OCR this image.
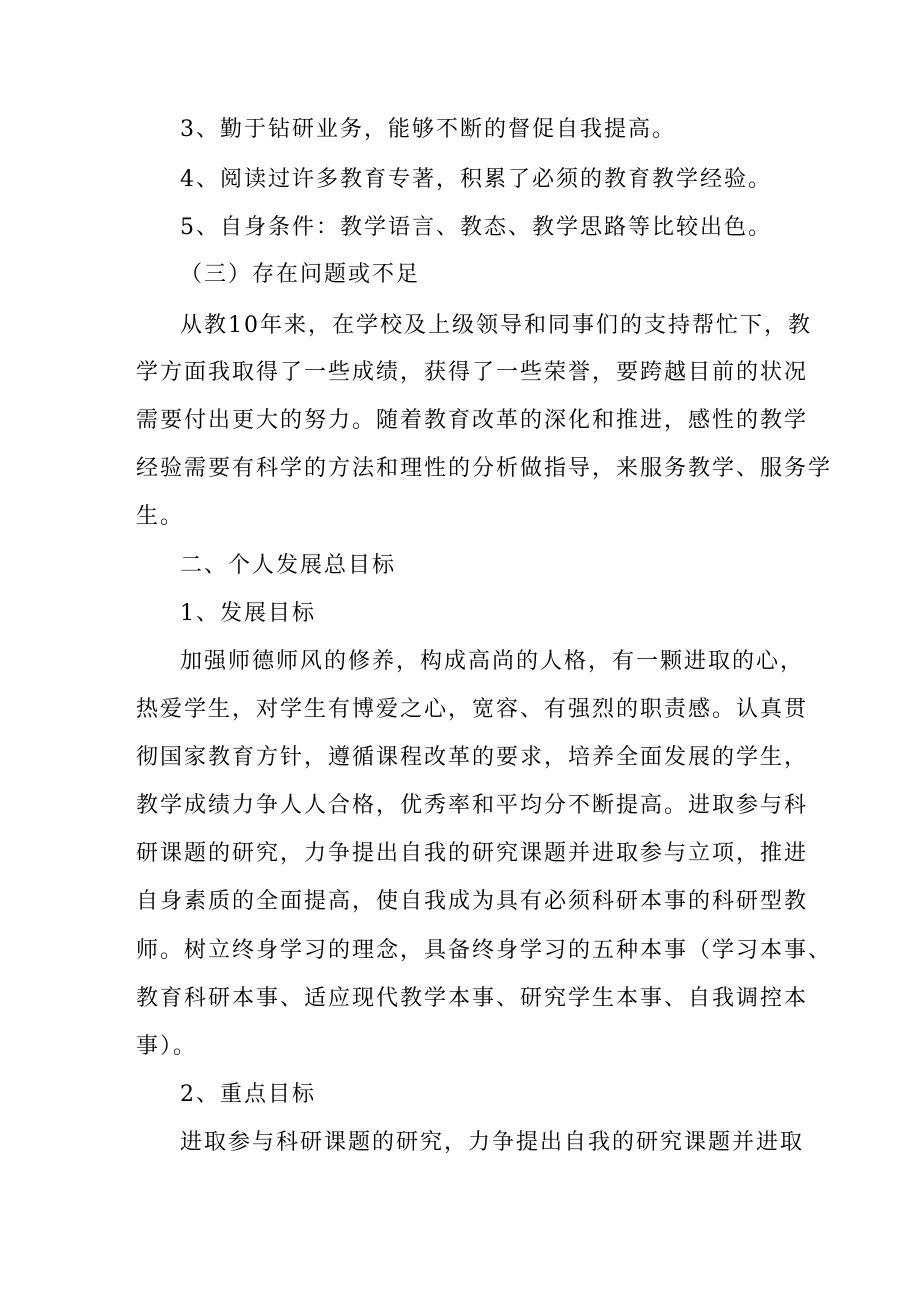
3、勤于钻研业务，能够不断的督促自我提高。
4、阅读过许多教育专著，积累了必须的教育教学经验。
5、自身条件：教学语言、教态、教学思路等比较出色。
（三）存在问题或不足
从教10年来，在学校及上级领导和同事们的支持帮忙下，教
学方面我取得了一些成绩，获得了一些荣誉，要跨越目前的状况
需要付出更大的努力。随着教育改革的深化和推进，感性的教学
经验需要有科学的方法和理性的分析做指导，来服务教学、服务学
生。
二、个人发展总目标
1、发展目标
加强师德师风的修养，构成高尚的人格，有一颗进取的心，
热爱学生，对学生有博爱之心，宽容、有强烈的职责感。认真贯
彻国家教育方针，遵循课程改革的要求，培养全面发展的学生，
教学成绩力争人人合格，优秀率和平均分不断提高。进取参与科
研课题的研究，力争提出自我的研究课题并进取参与立项，推进
自身素质的全面提高，使自我成为具有必须科研本事的科研型教
师。树立终身学习的理念，具备终身学习的五种本事（学习本事、
教育科研本事、适应现代教学本事、研究学生本事、自我调控本
事）。
2、重点目标
进取参与科研课题的研究，力争提出自我的研究课题并进取
